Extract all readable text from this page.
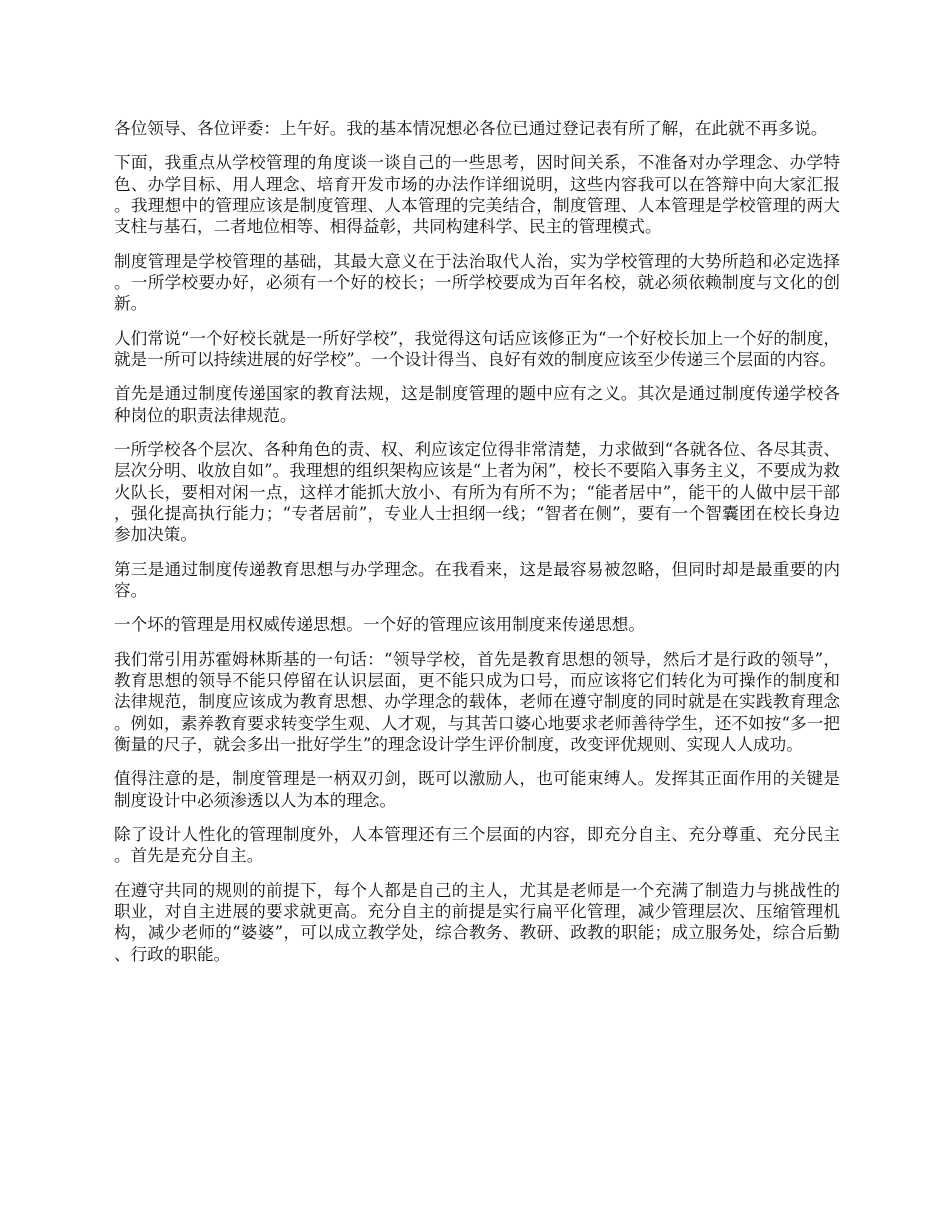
各位领导、各位评委：上午好。我的基本情况想必各位已通过登记表有所了解，在此就不再多说。

下面，我重点从学校管理的角度谈一谈自己的一些思考，因时间关系，不准备对办学理念、办学特色、办学目标、用人理念、培育开发市场的办法作详细说明，这些内容我可以在答辩中向大家汇报。我理想中的管理应该是制度管理、人本管理的完美结合，制度管理、人本管理是学校管理的两大支柱与基石，二者地位相等、相得益彰，共同构建科学、民主的管理模式。

制度管理是学校管理的基础，其最大意义在于法治取代人治，实为学校管理的大势所趋和必定选择。一所学校要办好，必须有一个好的校长；一所学校要成为百年名校，就必须依赖制度与文化的创新。

人们常说“一个好校长就是一所好学校”，我觉得这句话应该修正为“一个好校长加上一个好的制度，就是一所可以持续进展的好学校”。一个设计得当、良好有效的制度应该至少传递三个层面的内容。

首先是通过制度传递国家的教育法规，这是制度管理的题中应有之义。其次是通过制度传递学校各种岗位的职责法律规范。

一所学校各个层次、各种角色的责、权、利应该定位得非常清楚，力求做到“各就各位、各尽其责、层次分明、收放自如”。我理想的组织架构应该是“上者为闲”，校长不要陷入事务主义，不要成为救火队长，要相对闲一点，这样才能抓大放小、有所为有所不为；“能者居中”，能干的人做中层干部，强化提高执行能力；“专者居前”，专业人士担纲一线；“智者在侧”，要有一个智囊团在校长身边参加决策。

第三是通过制度传递教育思想与办学理念。在我看来，这是最容易被忽略，但同时却是最重要的内容。

一个坏的管理是用权威传递思想。一个好的管理应该用制度来传递思想。

我们常引用苏霍姆林斯基的一句话：“领导学校，首先是教育思想的领导，然后才是行政的领导”，教育思想的领导不能只停留在认识层面，更不能只成为口号，而应该将它们转化为可操作的制度和法律规范，制度应该成为教育思想、办学理念的载体，老师在遵守制度的同时就是在实践教育理念。例如，素养教育要求转变学生观、人才观，与其苦口婆心地要求老师善待学生，还不如按“多一把衡量的尺子，就会多出一批好学生”的理念设计学生评价制度，改变评优规则、实现人人成功。

值得注意的是，制度管理是一柄双刃剑，既可以激励人，也可能束缚人。发挥其正面作用的关键是制度设计中必须渗透以人为本的理念。

除了设计人性化的管理制度外，人本管理还有三个层面的内容，即充分自主、充分尊重、充分民主。首先是充分自主。

在遵守共同的规则的前提下，每个人都是自己的主人，尤其是老师是一个充满了制造力与挑战性的职业，对自主进展的要求就更高。充分自主的前提是实行扁平化管理，减少管理层次、压缩管理机构，减少老师的“婆婆”，可以成立教学处，综合教务、教研、政教的职能；成立服务处，综合后勤、行政的职能。
